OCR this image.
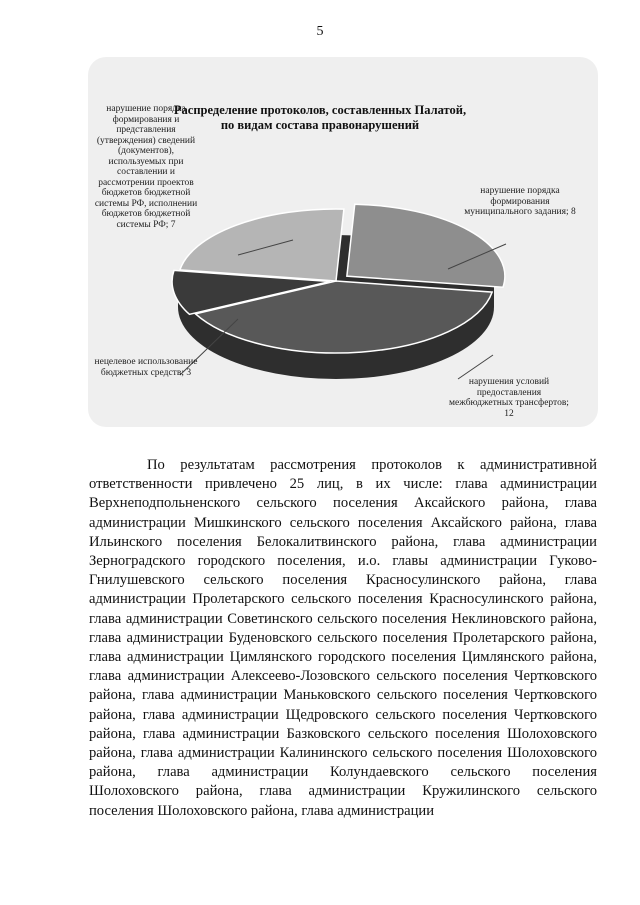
5
Распределение протоколов, составленных Палатой,
по видам состава правонарушений
нарушение порядка формирования и представления (утверждения) сведений (документов), используемых при составлении и рассмотрении проектов бюджетов бюджетной системы РФ, исполнении бюджетов бюджетной системы РФ; 7
нарушение порядка формирования муниципального задания; 8
нецелевое использование бюджетных средств; 3
нарушения условий предоставления межбюджетных трансфертов; 12

По результатам рассмотрения протоколов к административной ответственности привлечено 25 лиц, в их числе: глава администрации Верхнеподпольненского сельского поселения Аксайского района, глава администрации Мишкинского сельского поселения Аксайского района, глава Ильинского поселения Белокалитвинского района, глава администрации Зерноградского городского поселения, и.о. главы администрации Гуково-Гнилушевского сельского поселения Красносулинского района, глава администрации Пролетарского сельского поселения Красносулинского района, глава администрации Советинского сельского поселения Неклиновского района, глава администрации Буденовского сельского поселения Пролетарского района, глава администрации Цимлянского городского поселения Цимлянского района, глава администрации Алексеево-Лозовского сельского поселения Чертковского района, глава администрации Маньковского сельского поселения Чертковского района, глава администрации Щедровского сельского поселения Чертковского района, глава администрации Базковского сельского поселения Шолоховского района, глава администрации Калининского сельского поселения Шолоховского района, глава администрации Колундаевского сельского поселения Шолоховского района, глава администрации Кружилинского сельского поселения Шолоховского района, глава администрации
